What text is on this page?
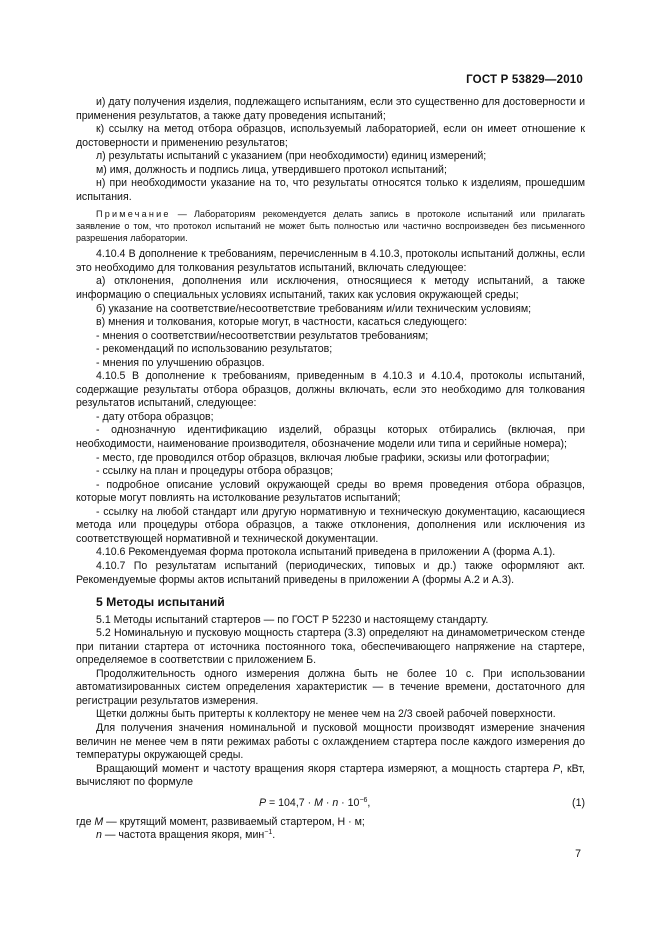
ГОСТ Р 53829—2010

и) дату получения изделия, подлежащего испытаниям, если это существенно для достоверности и применения результатов, а также дату проведения испытаний;

к) ссылку на метод отбора образцов, используемый лабораторией, если он имеет отношение к достоверности и применению результатов;

л) результаты испытаний с указанием (при необходимости) единиц измерений;

м) имя, должность и подпись лица, утвердившего протокол испытаний;

н) при необходимости указание на то, что результаты относятся только к изделиям, прошедшим испытания.

Примечание — Лабораториям рекомендуется делать запись в протоколе испытаний или прилагать заявление о том, что протокол испытаний не может быть полностью или частично воспроизведен без письменного разрешения лаборатории.

4.10.4 В дополнение к требованиям, перечисленным в 4.10.3, протоколы испытаний должны, если это необходимо для толкования результатов испытаний, включать следующее:

а) отклонения, дополнения или исключения, относящиеся к методу испытаний, а также информацию о специальных условиях испытаний, таких как условия окружающей среды;

б) указание на соответствие/несоответствие требованиям и/или техническим условиям;

в) мнения и толкования, которые могут, в частности, касаться следующего:

- мнения о соответствии/несоответствии результатов требованиям;

- рекомендаций по использованию результатов;

- мнения по улучшению образцов.

4.10.5 В дополнение к требованиям, приведенным в 4.10.3 и 4.10.4, протоколы испытаний, содержащие результаты отбора образцов, должны включать, если это необходимо для толкования результатов испытаний, следующее:

- дату отбора образцов;

- однозначную идентификацию изделий, образцы которых отбирались (включая, при необходимости, наименование производителя, обозначение модели или типа и серийные номера);

- место, где проводился отбор образцов, включая любые графики, эскизы или фотографии;

- ссылку на план и процедуры отбора образцов;

- подробное описание условий окружающей среды во время проведения отбора образцов, которые могут повлиять на истолкование результатов испытаний;

- ссылку на любой стандарт или другую нормативную и техническую документацию, касающиеся метода или процедуры отбора образцов, а также отклонения, дополнения или исключения из соответствующей нормативной и технической документации.

4.10.6 Рекомендуемая форма протокола испытаний приведена в приложении А (форма А.1).

4.10.7 По результатам испытаний (периодических, типовых и др.) также оформляют акт. Рекомендуемые формы актов испытаний приведены в приложении А (формы А.2 и А.3).

5 Методы испытаний

5.1 Методы испытаний стартеров — по ГОСТ Р 52230 и настоящему стандарту.

5.2 Номинальную и пусковую мощность стартера (3.3) определяют на динамометрическом стенде при питании стартера от источника постоянного тока, обеспечивающего напряжение на стартере, определяемое в соответствии с приложением Б.

Продолжительность одного измерения должна быть не более 10 с. При использовании автоматизированных систем определения характеристик — в течение времени, достаточного для регистрации результатов измерения.

Щетки должны быть притерты к коллектору не менее чем на 2/3 своей рабочей поверхности.

Для получения значения номинальной и пусковой мощности производят измерение значения величин не менее чем в пяти режимах работы с охлаждением стартера после каждого измерения до температуры окружающей среды.

Вращающий момент и частоту вращения якоря стартера измеряют, а мощность стартера P, кВт, вычисляют по формуле

$P = 104,7 \cdot M \cdot n \cdot 10^{-6}$,	(1)

где M — крутящий момент, развиваемый стартером, Н · м;

n — частота вращения якоря, мин$^{-1}$.

7
